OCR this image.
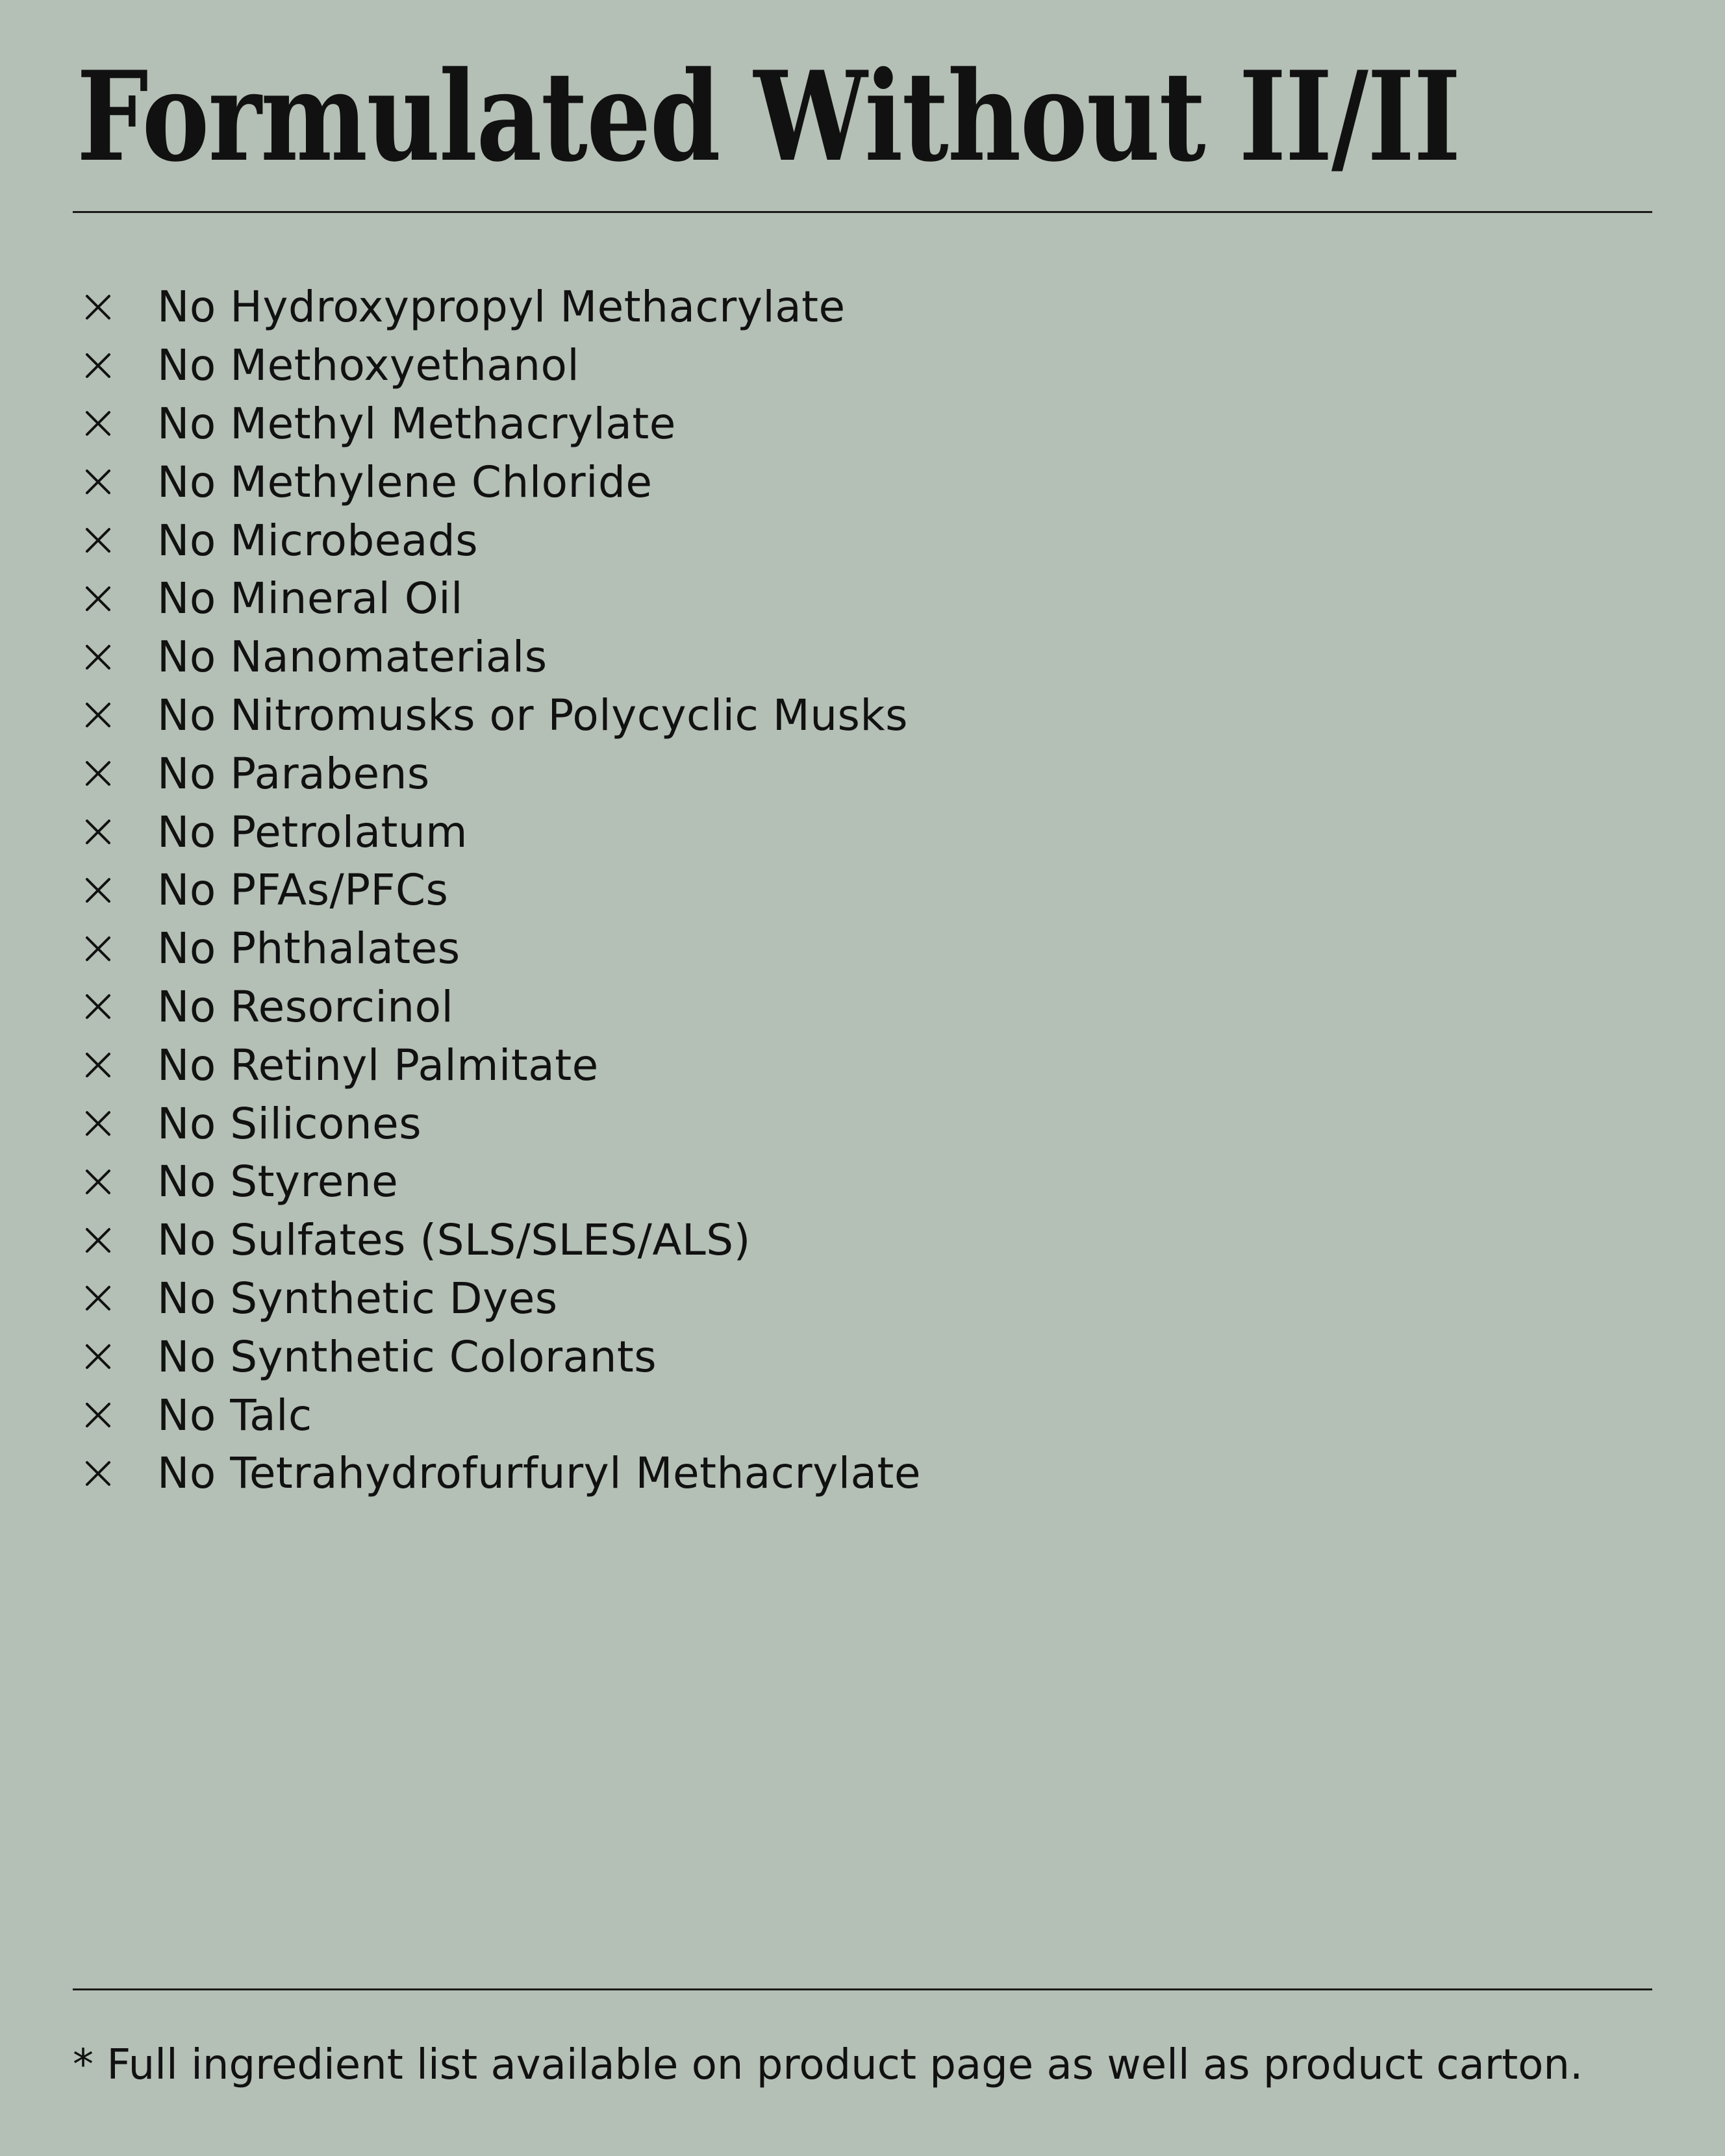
Formulated Without II/II
No Hydroxypropyl Methacrylate
No Methoxyethanol
No Methyl Methacrylate
No Methylene Chloride
No Microbeads
No Mineral Oil
No Nanomaterials
No Nitromusks or Polycyclic Musks
No Parabens
No Petrolatum
No PFAs/PFCs
No Phthalates
No Resorcinol
No Retinyl Palmitate
No Silicones
No Styrene
No Sulfates (SLS/SLES/ALS)
No Synthetic Dyes
No Synthetic Colorants
No Talc
No Tetrahydrofurfuryl Methacrylate

* Full ingredient list available on product page as well as product carton.
